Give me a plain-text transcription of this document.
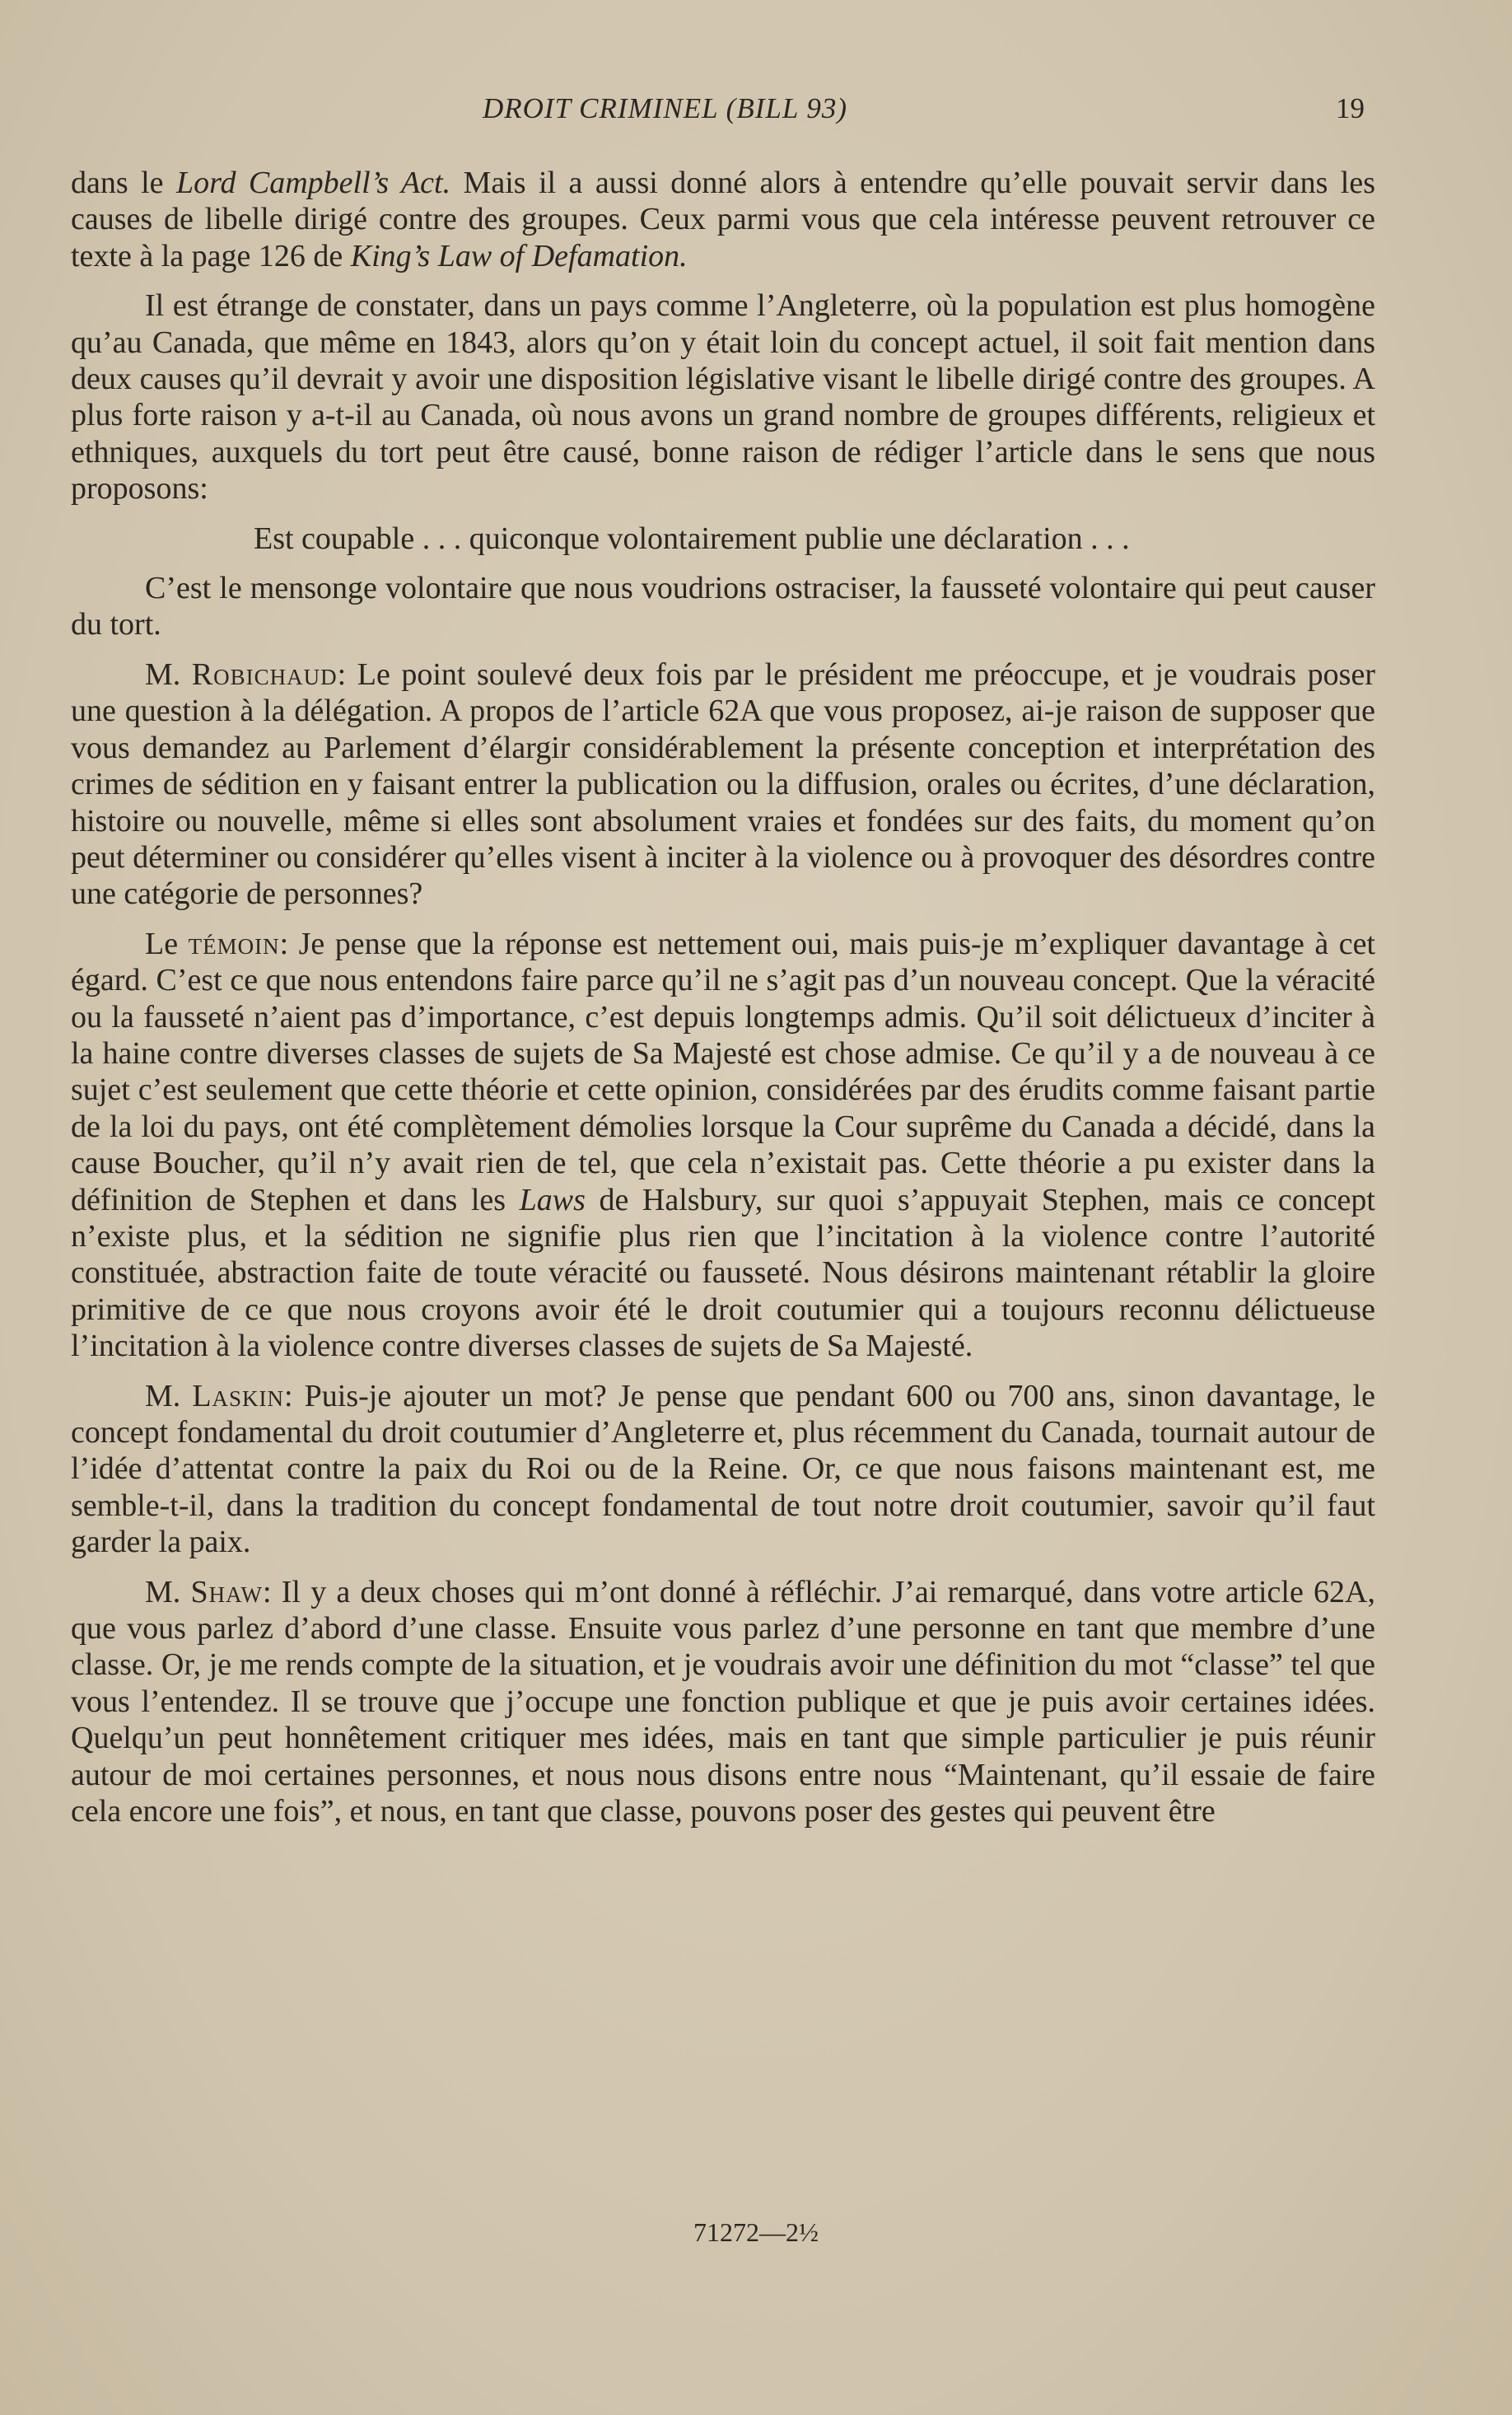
DROIT CRIMINEL (BILL 93)	19

dans le Lord Campbell’s Act. Mais il a aussi donné alors à entendre qu’elle pouvait servir dans les causes de libelle dirigé contre des groupes. Ceux parmi vous que cela intéresse peuvent retrouver ce texte à la page 126 de King’s Law of Defamation.

Il est étrange de constater, dans un pays comme l’Angleterre, où la population est plus homogène qu’au Canada, que même en 1843, alors qu’on y était loin du concept actuel, il soit fait mention dans deux causes qu’il devrait y avoir une disposition législative visant le libelle dirigé contre des groupes. A plus forte raison y a-t-il au Canada, où nous avons un grand nombre de groupes différents, religieux et ethniques, auxquels du tort peut être causé, bonne raison de rédiger l’article dans le sens que nous proposons:

Est coupable . . . quiconque volontairement publie une déclaration . . .

C’est le mensonge volontaire que nous voudrions ostraciser, la fausseté volontaire qui peut causer du tort.

M. Robichaud: Le point soulevé deux fois par le président me préoccupe, et je voudrais poser une question à la délégation. A propos de l’article 62A que vous proposez, ai-je raison de supposer que vous demandez au Parlement d’élargir considérablement la présente conception et interprétation des crimes de sédition en y faisant entrer la publication ou la diffusion, orales ou écrites, d’une déclaration, histoire ou nouvelle, même si elles sont absolument vraies et fondées sur des faits, du moment qu’on peut déterminer ou considérer qu’elles visent à inciter à la violence ou à provoquer des désordres contre une catégorie de personnes?

Le témoin: Je pense que la réponse est nettement oui, mais puis-je m’expliquer davantage à cet égard. C’est ce que nous entendons faire parce qu’il ne s’agit pas d’un nouveau concept. Que la véracité ou la fausseté n’aient pas d’importance, c’est depuis longtemps admis. Qu’il soit délictueux d’inciter à la haine contre diverses classes de sujets de Sa Majesté est chose admise. Ce qu’il y a de nouveau à ce sujet c’est seulement que cette théorie et cette opinion, considérées par des érudits comme faisant partie de la loi du pays, ont été complètement démolies lorsque la Cour suprême du Canada a décidé, dans la cause Boucher, qu’il n’y avait rien de tel, que cela n’existait pas. Cette théorie a pu exister dans la définition de Stephen et dans les Laws de Halsbury, sur quoi s’appuyait Stephen, mais ce concept n’existe plus, et la sédition ne signifie plus rien que l’incitation à la violence contre l’autorité constituée, abstraction faite de toute véracité ou fausseté. Nous désirons maintenant rétablir la gloire primitive de ce que nous croyons avoir été le droit coutumier qui a toujours reconnu délictueuse l’incitation à la violence contre diverses classes de sujets de Sa Majesté.

M. Laskin: Puis-je ajouter un mot? Je pense que pendant 600 ou 700 ans, sinon davantage, le concept fondamental du droit coutumier d’Angleterre et, plus récemment du Canada, tournait autour de l’idée d’attentat contre la paix du Roi ou de la Reine. Or, ce que nous faisons maintenant est, me semble-t-il, dans la tradition du concept fondamental de tout notre droit coutumier, savoir qu’il faut garder la paix.

M. Shaw: Il y a deux choses qui m’ont donné à réfléchir. J’ai remarqué, dans votre article 62A, que vous parlez d’abord d’une classe. Ensuite vous parlez d’une personne en tant que membre d’une classe. Or, je me rends compte de la situation, et je voudrais avoir une définition du mot “classe” tel que vous l’entendez. Il se trouve que j’occupe une fonction publique et que je puis avoir certaines idées. Quelqu’un peut honnêtement critiquer mes idées, mais en tant que simple particulier je puis réunir autour de moi certaines personnes, et nous nous disons entre nous “Maintenant, qu’il essaie de faire cela encore une fois”, et nous, en tant que classe, pouvons poser des gestes qui peuvent être

71272—2½
